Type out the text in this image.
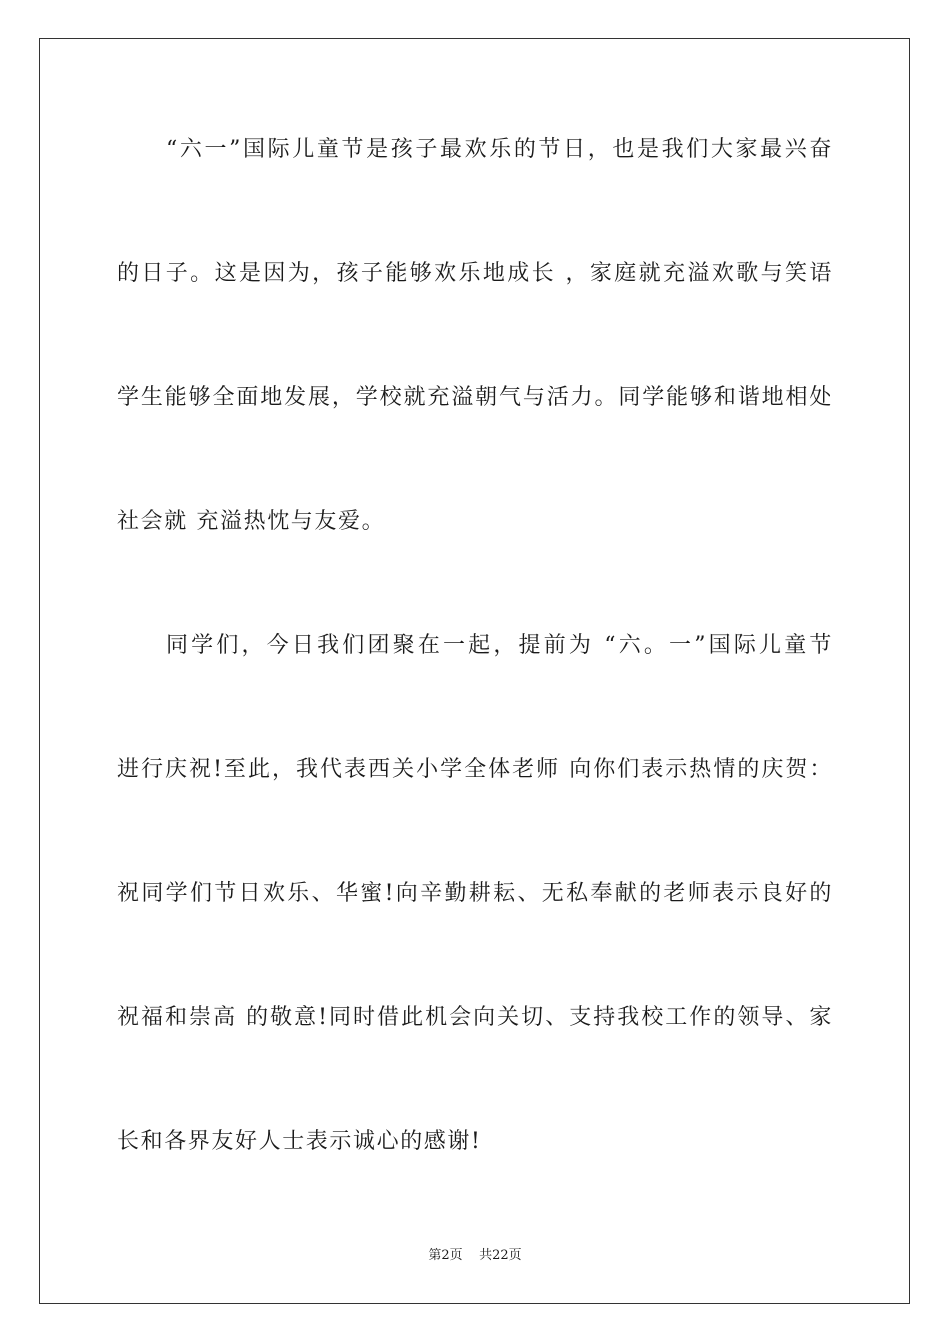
“六一”国际儿童节是孩子最欢乐的节日，也是我们大家最兴奋
的日子。这是因为，孩子能够欢乐地成长 ，家庭就充溢欢歌与笑语
学生能够全面地发展，学校就充溢朝气与活力。同学能够和谐地相处
社会就 充溢热忱与友爱。
同学们，今日我们团聚在一起，提前为 “六。一”国际儿童节
进行庆祝!至此，我代表西关小学全体老师 向你们表示热情的庆贺：
祝同学们节日欢乐、华蜜!向辛勤耕耘、无私奉献的老师表示良好的
祝福和崇高 的敬意!同时借此机会向关切、支持我校工作的领导、家
长和各界友好人士表示诚心的感谢!
第2页    共22页
